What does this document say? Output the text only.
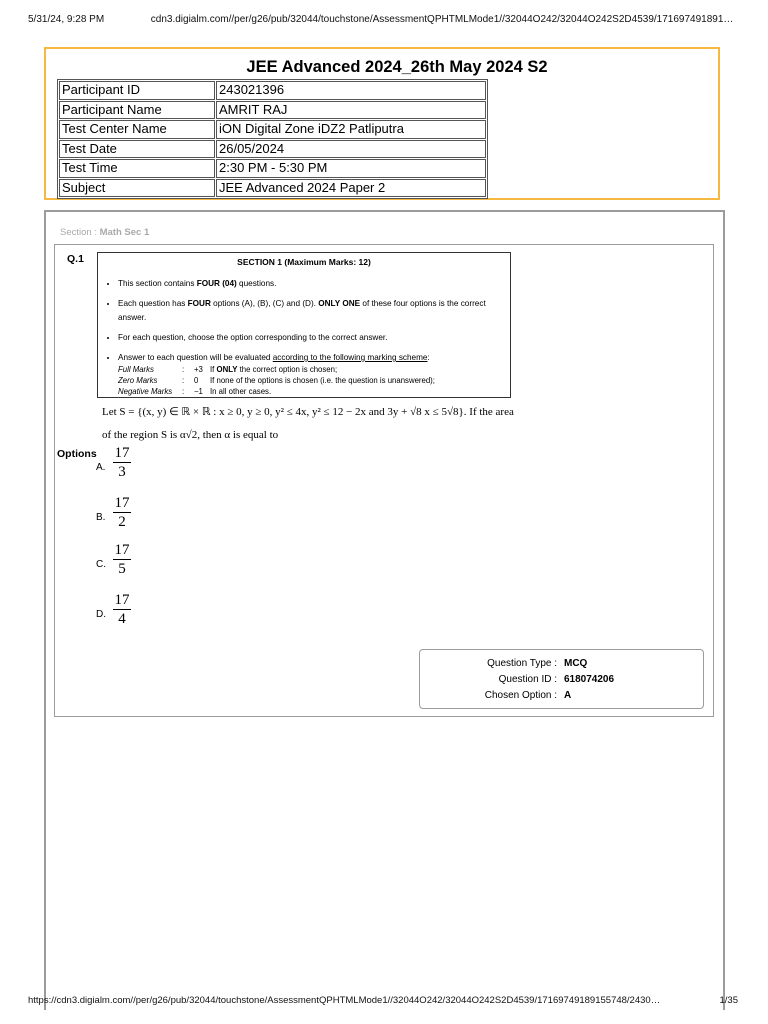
5/31/24, 9:28 PM	cdn3.digialm.com//per/g26/pub/32044/touchstone/AssessmentQPHTMLMode1//32044O242/32044O242S2D4539/171697491891…
JEE Advanced 2024_26th May 2024 S2
Participant ID	243021396
Participant Name	AMRIT RAJ
Test Center Name	iON Digital Zone iDZ2 Patliputra
Test Date	26/05/2024
Test Time	2:30 PM - 5:30 PM
Subject	JEE Advanced 2024 Paper 2
Section : Math Sec 1
Q.1	SECTION 1 (Maximum Marks: 12)
• This section contains FOUR (04) questions.
• Each question has FOUR options (A), (B), (C) and (D). ONLY ONE of these four options is the correct answer.
• For each question, choose the option corresponding to the correct answer.
• Answer to each question will be evaluated according to the following marking scheme:
Full Marks	:	+3 If ONLY the correct option is chosen;
Zero Marks	:	0	If none of the options is chosen (i.e. the question is unanswered);
Negative Marks	:	−1 In all other cases.
Let S = {(x, y) ∈ ℝ × ℝ : x ≥ 0, y ≥ 0, y² ≤ 4x, y² ≤ 12 − 2x and 3y + √8 x ≤ 5√8}. If the area
of the region S is α√2, then α is equal to
Options
A.
17
3
B.
17
2
C.
17
5
D.
17
4
Question Type : MCQ
Question ID : 618074206
Chosen Option : A
https://cdn3.digialm.com//per/g26/pub/32044/touchstone/AssessmentQPHTMLMode1//32044O242/32044O242S2D4539/17169749189155748/2430…	1/35
